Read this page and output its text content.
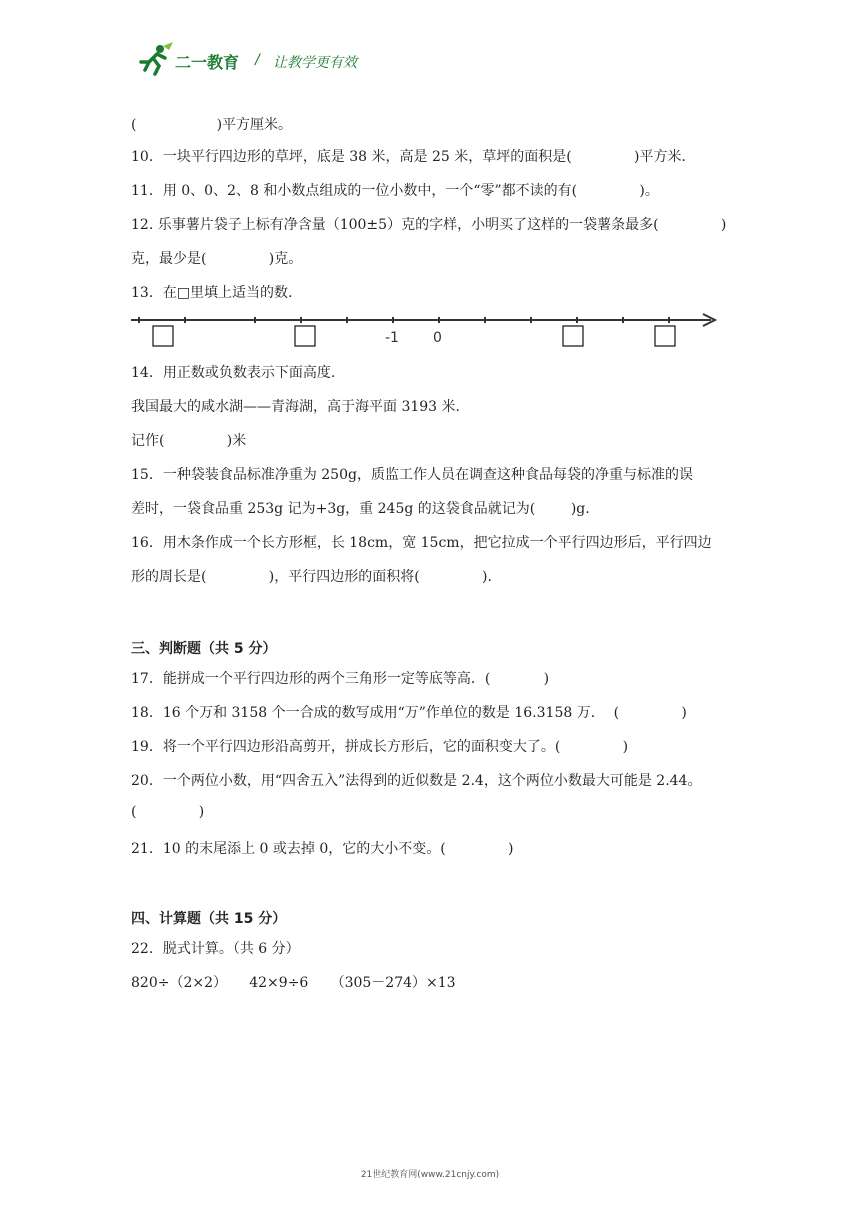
二一教育 / 让教学更有效
(                  )平方厘米。
10．一块平行四边形的草坪，底是 38 米，高是 25 米，草坪的面积是(              )平方米．
11．用 0、0、2、8 和小数点组成的一位小数中，一个“零”都不读的有(              )。
12. 乐事薯片袋子上标有净含量（100±5）克的字样，小明买了这样的一袋薯条最多(              )
克，最少是(              )克。
13．在□里填上适当的数.
-1 0
14．用正数或负数表示下面高度.
我国最大的咸水湖——青海湖，高于海平面 3193 米.
记作(              )米
15．一种袋装食品标准净重为 250g，质监工作人员在调查这种食品每袋的净重与标准的误
差时，一袋食品重 253g 记为+3g，重 245g 的这袋食品就记为(        )g.
16．用木条作成一个长方形框，长 18cm，宽 15cm，把它拉成一个平行四边形后，平行四边
形的周长是(              )，平行四边形的面积将(              ).
三、判断题（共 5 分）
17．能拼成一个平行四边形的两个三角形一定等底等高．(            )
18．16 个万和 3158 个一合成的数写成用“万”作单位的数是 16.3158 万．  (              )
19．将一个平行四边形沿高剪开，拼成长方形后，它的面积变大了。(              )
20．一个两位小数，用“四舍五入”法得到的近似数是 2.4，这个两位小数最大可能是 2.44。
(              )
21．10 的末尾添上 0 或去掉 0，它的大小不变。(              )
四、计算题（共 15 分）
22．脱式计算。（共 6 分）
820÷（2×2）     42×9÷6     （305－274）×13
21世纪教育网(www.21cnjy.com)
